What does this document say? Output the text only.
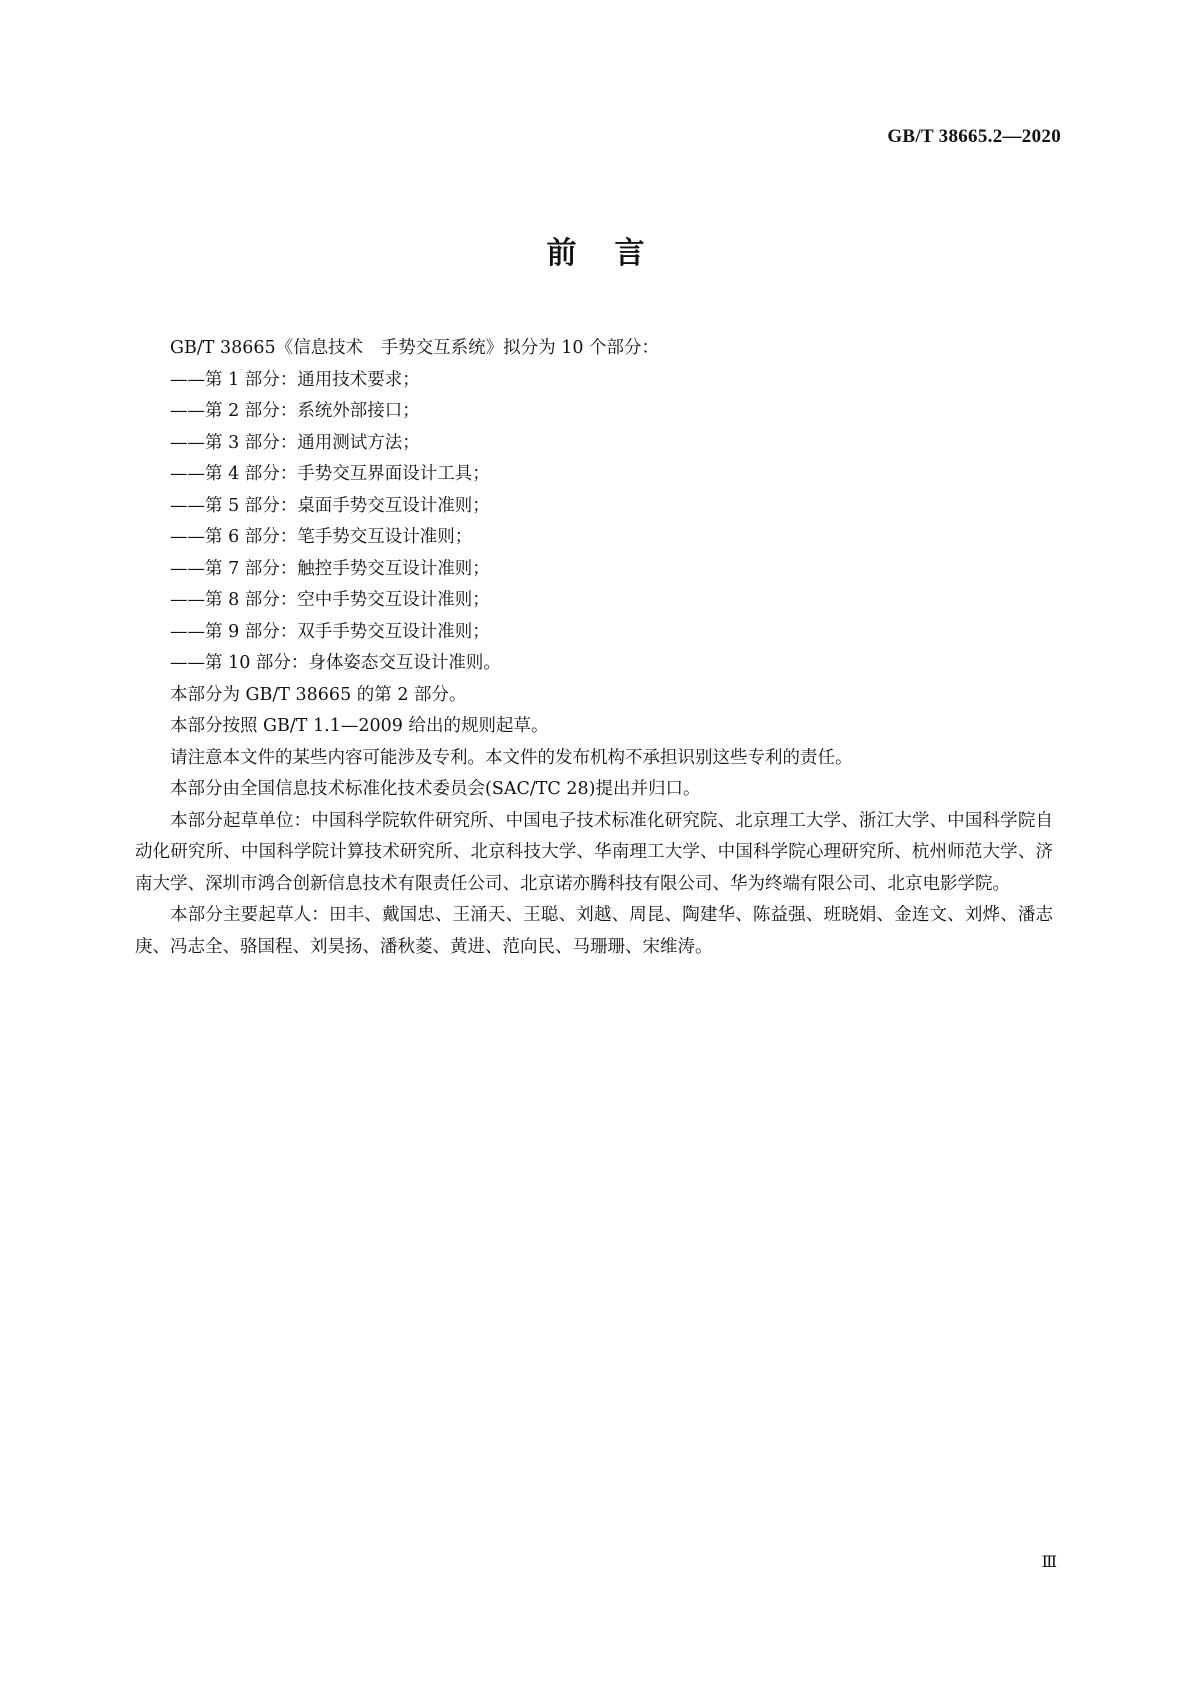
GB/T 38665.2—2020
前言

GB/T 38665《信息技术　手势交互系统》拟分为 10 个部分：

——第 1 部分：通用技术要求；

——第 2 部分：系统外部接口；

——第 3 部分：通用测试方法；

——第 4 部分：手势交互界面设计工具；

——第 5 部分：桌面手势交互设计准则；

——第 6 部分：笔手势交互设计准则；

——第 7 部分：触控手势交互设计准则；

——第 8 部分：空中手势交互设计准则；

——第 9 部分：双手手势交互设计准则；

——第 10 部分：身体姿态交互设计准则。

本部分为 GB/T 38665 的第 2 部分。

本部分按照 GB/T 1.1—2009 给出的规则起草。

请注意本文件的某些内容可能涉及专利。本文件的发布机构不承担识别这些专利的责任。

本部分由全国信息技术标准化技术委员会(SAC/TC 28)提出并归口。

本部分起草单位：中国科学院软件研究所、中国电子技术标准化研究院、北京理工大学、浙江大学、中国科学院自动化研究所、中国科学院计算技术研究所、北京科技大学、华南理工大学、中国科学院心理研究所、杭州师范大学、济南大学、深圳市鸿合创新信息技术有限责任公司、北京诺亦腾科技有限公司、华为终端有限公司、北京电影学院。

本部分主要起草人：田丰、戴国忠、王涌天、王聪、刘越、周昆、陶建华、陈益强、班晓娟、金连文、刘烨、潘志庚、冯志全、骆国程、刘昊扬、潘秋菱、黄进、范向民、马珊珊、宋维涛。

Ⅲ
